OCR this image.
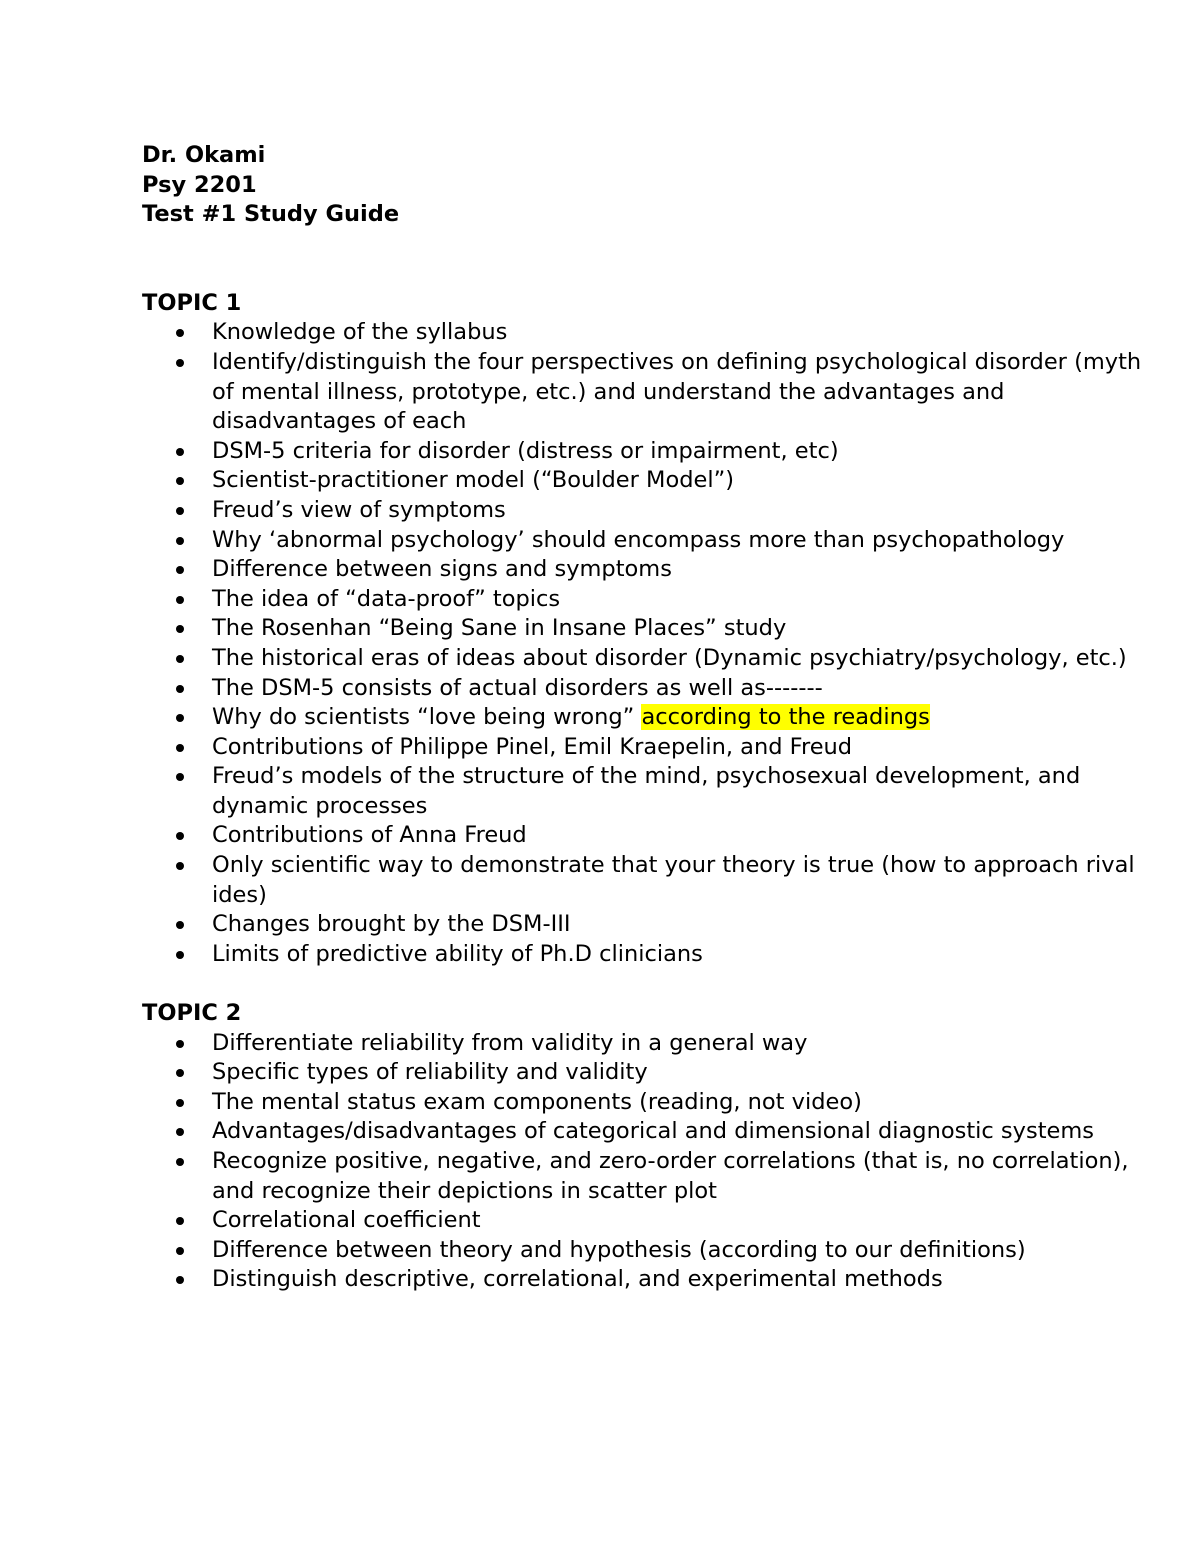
Dr. Okami

Psy 2201

Test #1 Study Guide

TOPIC 1

Knowledge of the syllabus
Identify/distinguish the four perspectives on defining psychological disorder (myth of mental illness, prototype, etc.) and understand the advantages and disadvantages of each
DSM-5 criteria for disorder (distress or impairment, etc)
Scientist-practitioner model (“Boulder Model”)
Freud’s view of symptoms
Why ‘abnormal psychology’ should encompass more than psychopathology
Difference between signs and symptoms
The idea of “data-proof” topics
The Rosenhan “Being Sane in Insane Places” study
The historical eras of ideas about disorder (Dynamic psychiatry/psychology, etc.)
The DSM-5 consists of actual disorders as well as-------
Why do scientists “love being wrong” according to the readings
Contributions of Philippe Pinel, Emil Kraepelin, and Freud
Freud’s models of the structure of the mind, psychosexual development, and dynamic processes
Contributions of Anna Freud
Only scientific way to demonstrate that your theory is true (how to approach rival ides)
Changes brought by the DSM-III
Limits of predictive ability of Ph.D clinicians

TOPIC 2

Differentiate reliability from validity in a general way
Specific types of reliability and validity
The mental status exam components (reading, not video)
Advantages/disadvantages of categorical and dimensional diagnostic systems
Recognize positive, negative, and zero-order correlations (that is, no correlation), and recognize their depictions in scatter plot
Correlational coefficient
Difference between theory and hypothesis (according to our definitions)
Distinguish descriptive, correlational, and experimental methods
